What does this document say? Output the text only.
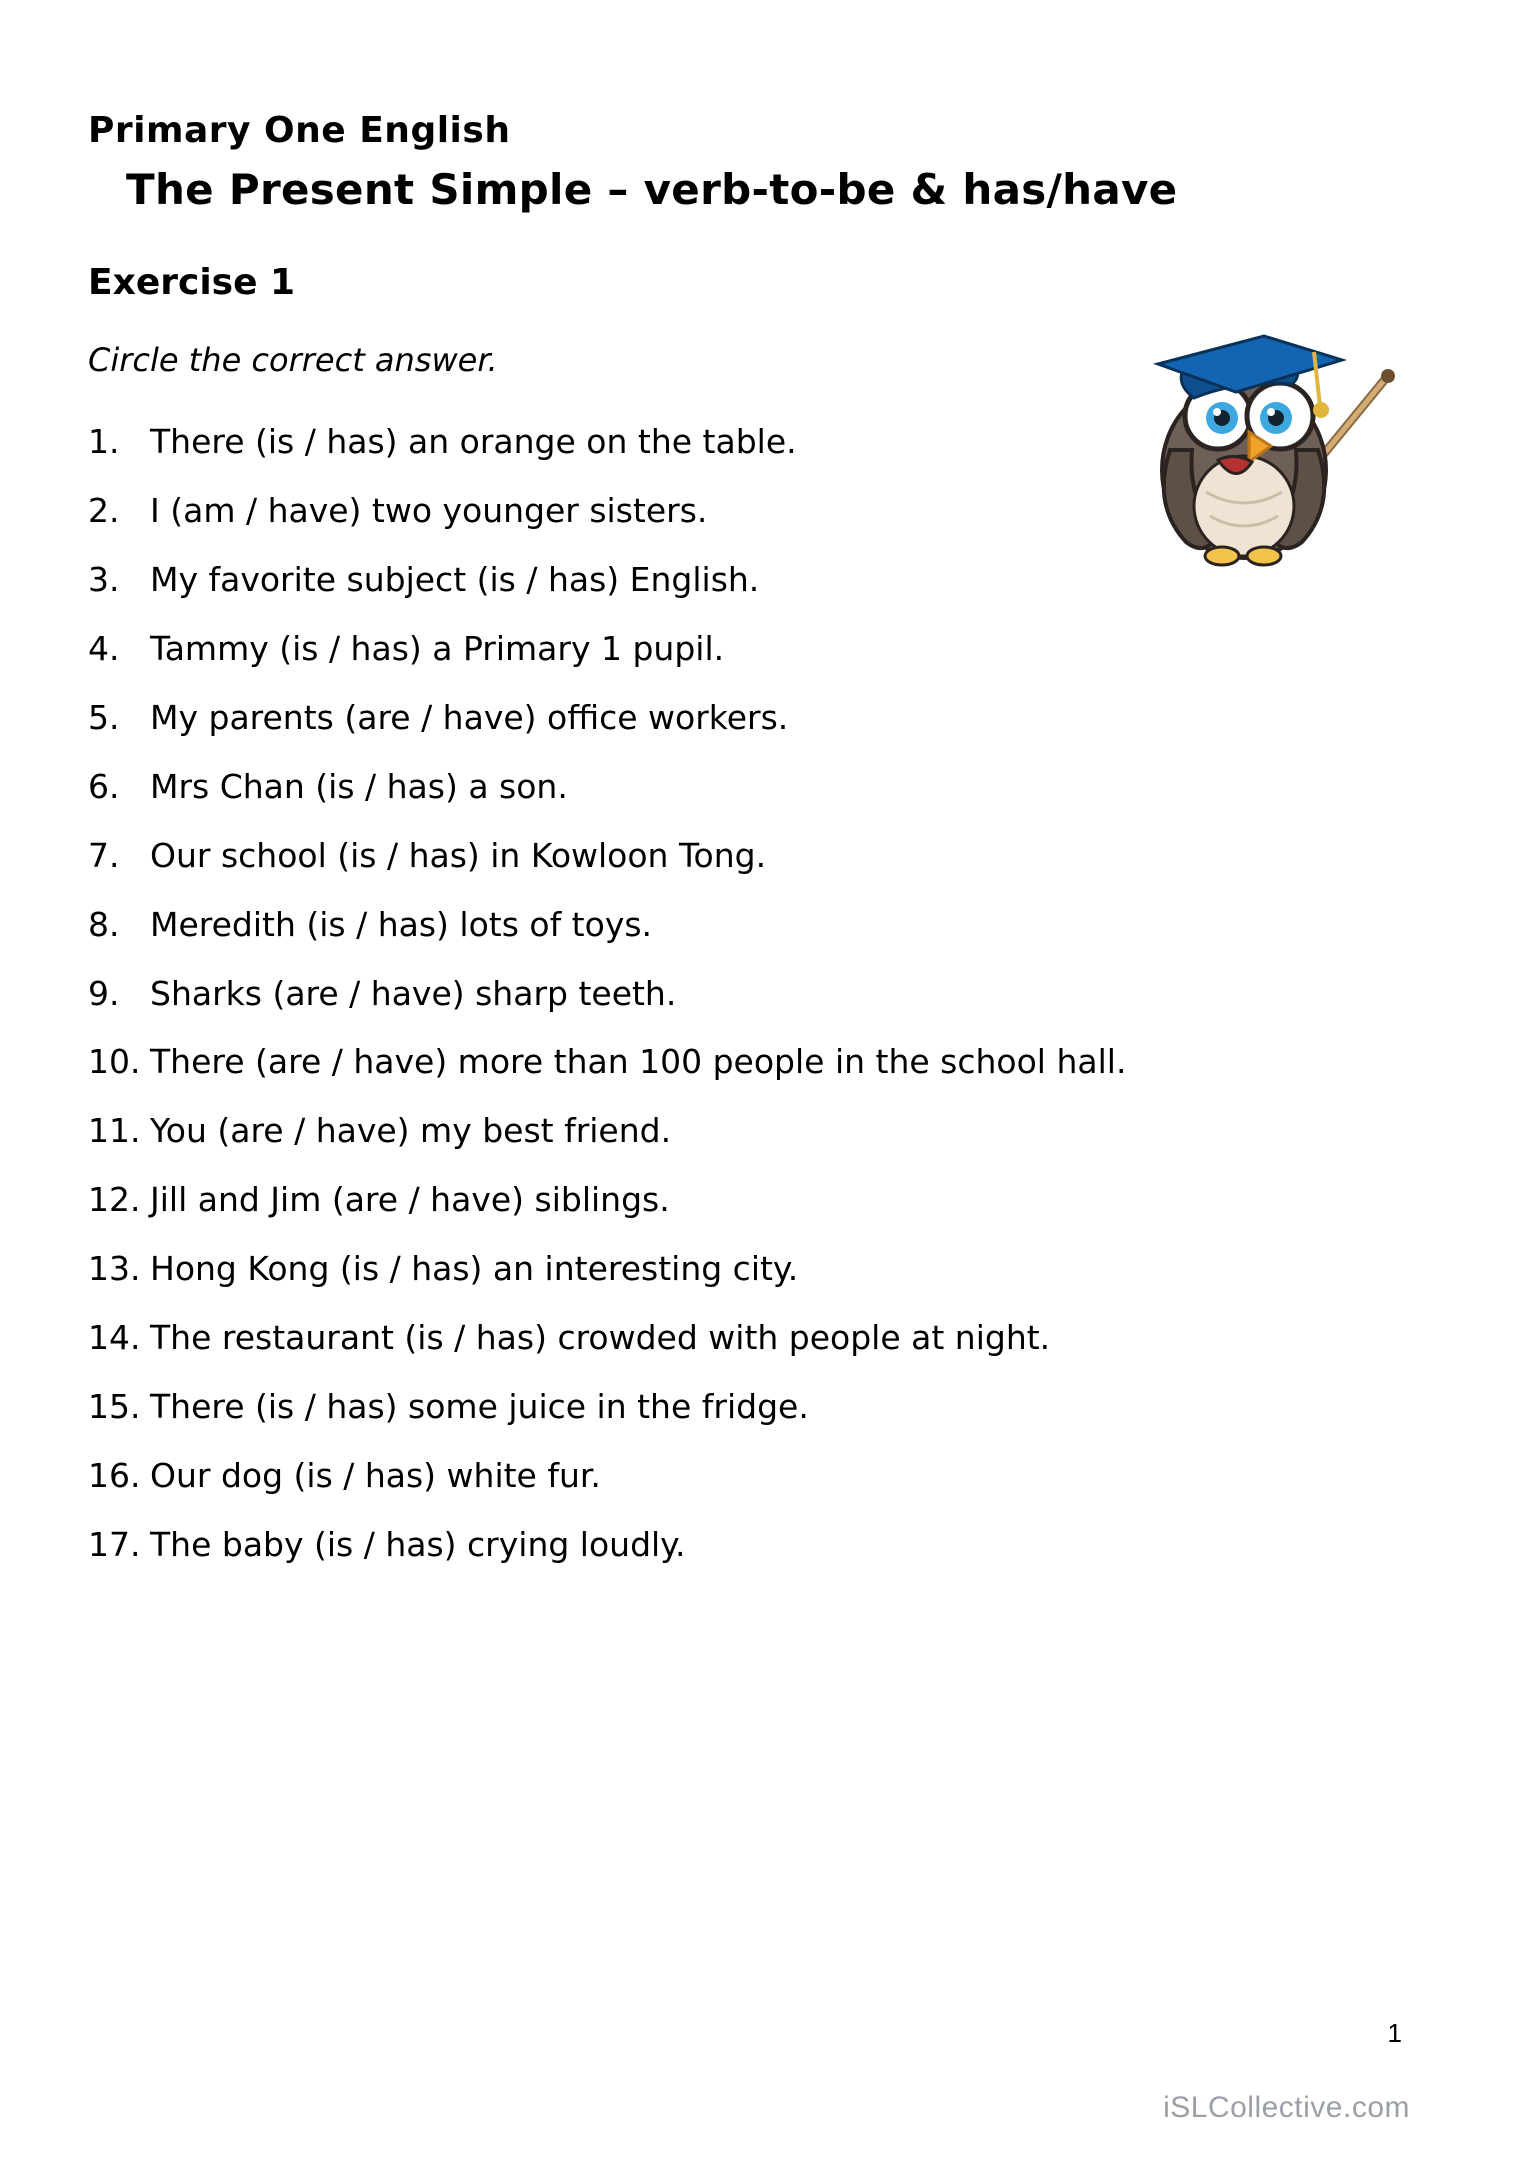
Primary One English
The Present Simple – verb-to-be & has/have
Exercise 1
Circle the correct answer.
1. There (is / has) an orange on the table.
2. I (am / have) two younger sisters.
3. My favorite subject (is / has) English.
4. Tammy (is / has) a Primary 1 pupil.
5. My parents (are / have) office workers.
6. Mrs Chan (is / has) a son.
7. Our school (is / has) in Kowloon Tong.
8. Meredith (is / has) lots of toys.
9. Sharks (are / have) sharp teeth.
10. There (are / have) more than 100 people in the school hall.
11. You (are / have) my best friend.
12. Jill and Jim (are / have) siblings.
13. Hong Kong (is / has) an interesting city.
14. The restaurant (is / has) crowded with people at night.
15. There (is / has) some juice in the fridge.
16. Our dog (is / has) white fur.
17. The baby (is / has) crying loudly.
1
iSLCollective.com
